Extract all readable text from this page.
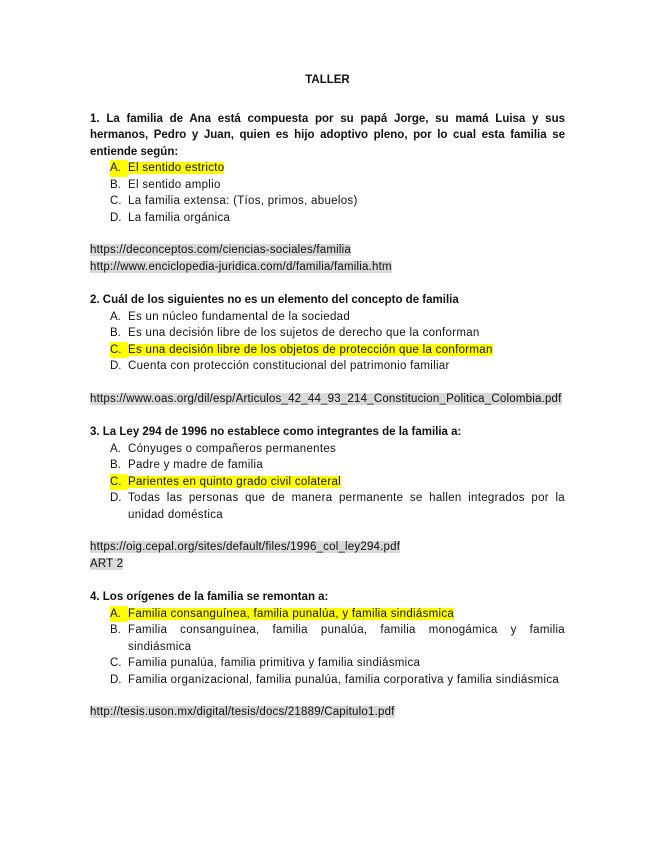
TALLER

1. La familia de Ana está compuesta por su papá Jorge, su mamá Luisa y sus hermanos, Pedro y Juan, quien es hijo adoptivo pleno, por lo cual esta familia se entiende según:

A. El sentido estricto
B. El sentido amplio
C. La familia extensa: (Tíos, primos, abuelos)
D. La familia orgánica
https://deconceptos.com/ciencias-sociales/familia
http://www.enciclopedia-juridica.com/d/familia/familia.htm

2. Cuál de los siguientes no es un elemento del concepto de familia

A. Es un núcleo fundamental de la sociedad
B. Es una decisión libre de los sujetos de derecho que la conforman
C. Es una decisión libre de los objetos de protección que la conforman
D. Cuenta con protección constitucional del patrimonio familiar
https://www.oas.org/dil/esp/Articulos_42_44_93_214_Constitucion_Politica_Colombia.pdf

3. La Ley 294 de 1996 no establece como integrantes de la familia a:

A. Cónyuges o compañeros permanentes
B. Padre y madre de familia
C. Parientes en quinto grado civil colateral
D. Todas las personas que de manera permanente se hallen integrados por la unidad doméstica
https://oig.cepal.org/sites/default/files/1996_col_ley294.pdf
ART 2

4. Los orígenes de la familia se remontan a:

A. Familia consanguínea, familia punalúa, y familia sindiásmica
B. Familia consanguínea, familia punalúa, familia monogámica y familia sindiásmica
C. Familia punalúa, familia primitiva y familia sindiásmica
D. Familia organizacional, familia punalúa, familia corporativa y familia sindiásmica
http://tesis.uson.mx/digital/tesis/docs/21889/Capitulo1.pdf
